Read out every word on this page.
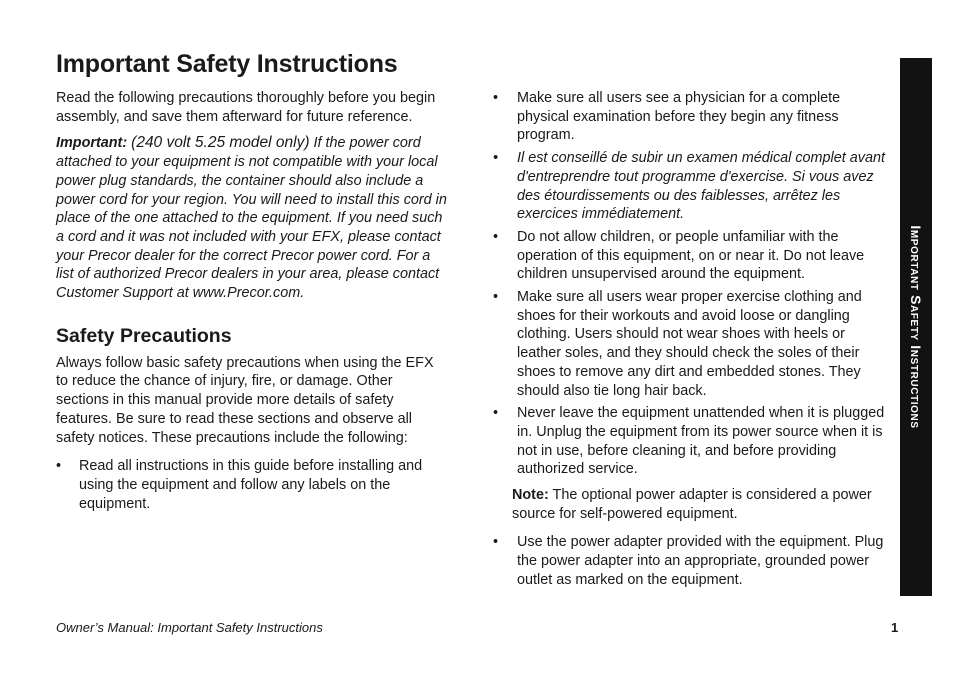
Important Safety Instructions

Read the following precautions thoroughly before you begin assembly, and save them afterward for future reference.

Important: (240 volt 5.25 model only) If the power cord attached to your equipment is not compatible with your local power plug standards, the container should also include a power cord for your region. You will need to install this cord in place of the one attached to the equipment. If you need such a cord and it was not included with your EFX, please contact your Precor dealer for the correct Precor power cord. For a list of authorized Precor dealers in your area, please contact Customer Support at www.Precor.com.

Safety Precautions

Always follow basic safety precautions when using the EFX to reduce the chance of injury, fire, or damage. Other sections in this manual provide more details of safety features. Be sure to read these sections and observe all safety notices. These precautions include the following:

• Read all instructions in this guide before installing and using the equipment and follow any labels on the equipment.
• Make sure all users see a physician for a complete physical examination before they begin any fitness program.
• Il est conseillé de subir un examen médical complet avant d'entreprendre tout programme d'exercise. Si vous avez des étourdissements ou des faiblesses, arrêtez les exercices immédiatement.
• Do not allow children, or people unfamiliar with the operation of this equipment, on or near it. Do not leave children unsupervised around the equipment.
• Make sure all users wear proper exercise clothing and shoes for their workouts and avoid loose or dangling clothing. Users should not wear shoes with heels or leather soles, and they should check the soles of their shoes to remove any dirt and embedded stones. They should also tie long hair back.
• Never leave the equipment unattended when it is plugged in. Unplug the equipment from its power source when it is not in use, before cleaning it, and before providing authorized service.

Note: The optional power adapter is considered a power source for self-powered equipment.

• Use the power adapter provided with the equipment. Plug the power adapter into an appropriate, grounded power outlet as marked on the equipment.
Important Safety Instructions
Owner’s Manual: Important Safety Instructions	1
